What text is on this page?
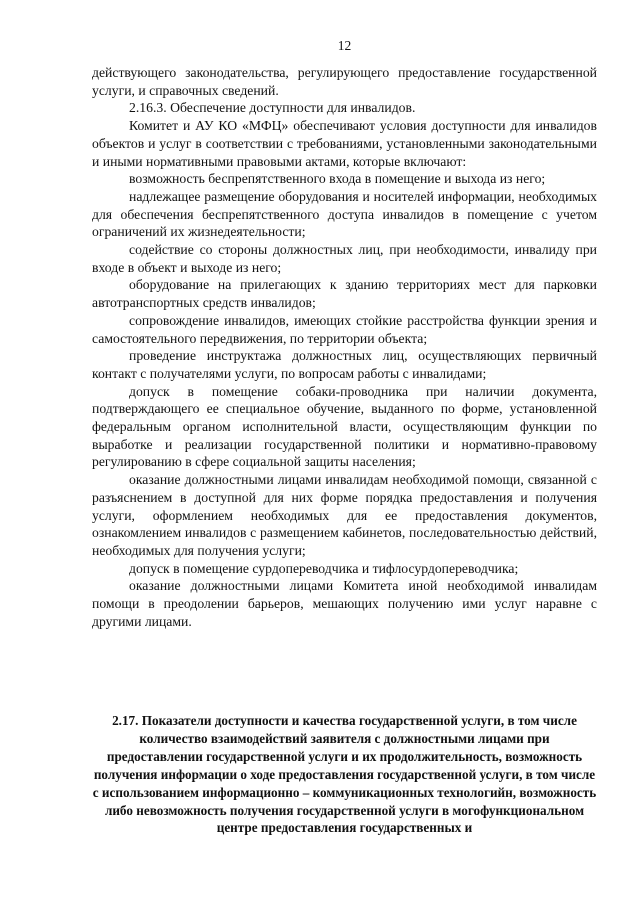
12

действующего законодательства, регулирующего предоставление государственной услуги, и справочных сведений.

2.16.3. Обеспечение доступности для инвалидов.

Комитет и АУ КО «МФЦ» обеспечивают условия доступности для инвалидов объектов и услуг в соответствии с требованиями, установленными законодательными и иными нормативными правовыми актами, которые включают:

возможность беспрепятственного входа в помещение и выхода из него;

надлежащее размещение оборудования и носителей информации, необходимых для обеспечения беспрепятственного доступа инвалидов в помещение с учетом ограничений их жизнедеятельности;

содействие со стороны должностных лиц, при необходимости, инвалиду при входе в объект и выходе из него;

оборудование на прилегающих к зданию территориях мест для парковки автотранспортных средств инвалидов;

сопровождение инвалидов, имеющих стойкие расстройства функции зрения и самостоятельного передвижения, по территории объекта;

проведение инструктажа должностных лиц, осуществляющих первичный контакт с получателями услуги, по вопросам работы с инвалидами;

допуск в помещение собаки-проводника при наличии документа, подтверждающего ее специальное обучение, выданного по форме, установленной федеральным органом исполнительной власти, осуществляющим функции по выработке и реализации государственной политики и нормативно-правовому регулированию в сфере социальной защиты населения;

оказание должностными лицами инвалидам необходимой помощи, связанной с разъяснением в доступной для них форме порядка предоставления и получения услуги, оформлением необходимых для ее предоставления документов, ознакомлением инвалидов с размещением кабинетов, последовательностью действий, необходимых для получения услуги;

допуск в помещение сурдопереводчика и тифлосурдопереводчика;

оказание должностными лицами Комитета иной необходимой инвалидам помощи в преодолении барьеров, мешающих получению ими услуг наравне с другими лицами.

2.17. Показатели доступности и качества государственной услуги, в том числе количество взаимодействий заявителя с должностными лицами при предоставлении государственной услуги и их продолжительность, возможность получения информации о ходе предоставления государственной услуги, в том числе с использованием информационно – коммуникационных технологийн, возможность либо невозможность получения государственной услуги в могофункциональном центре предоставления государственных и
